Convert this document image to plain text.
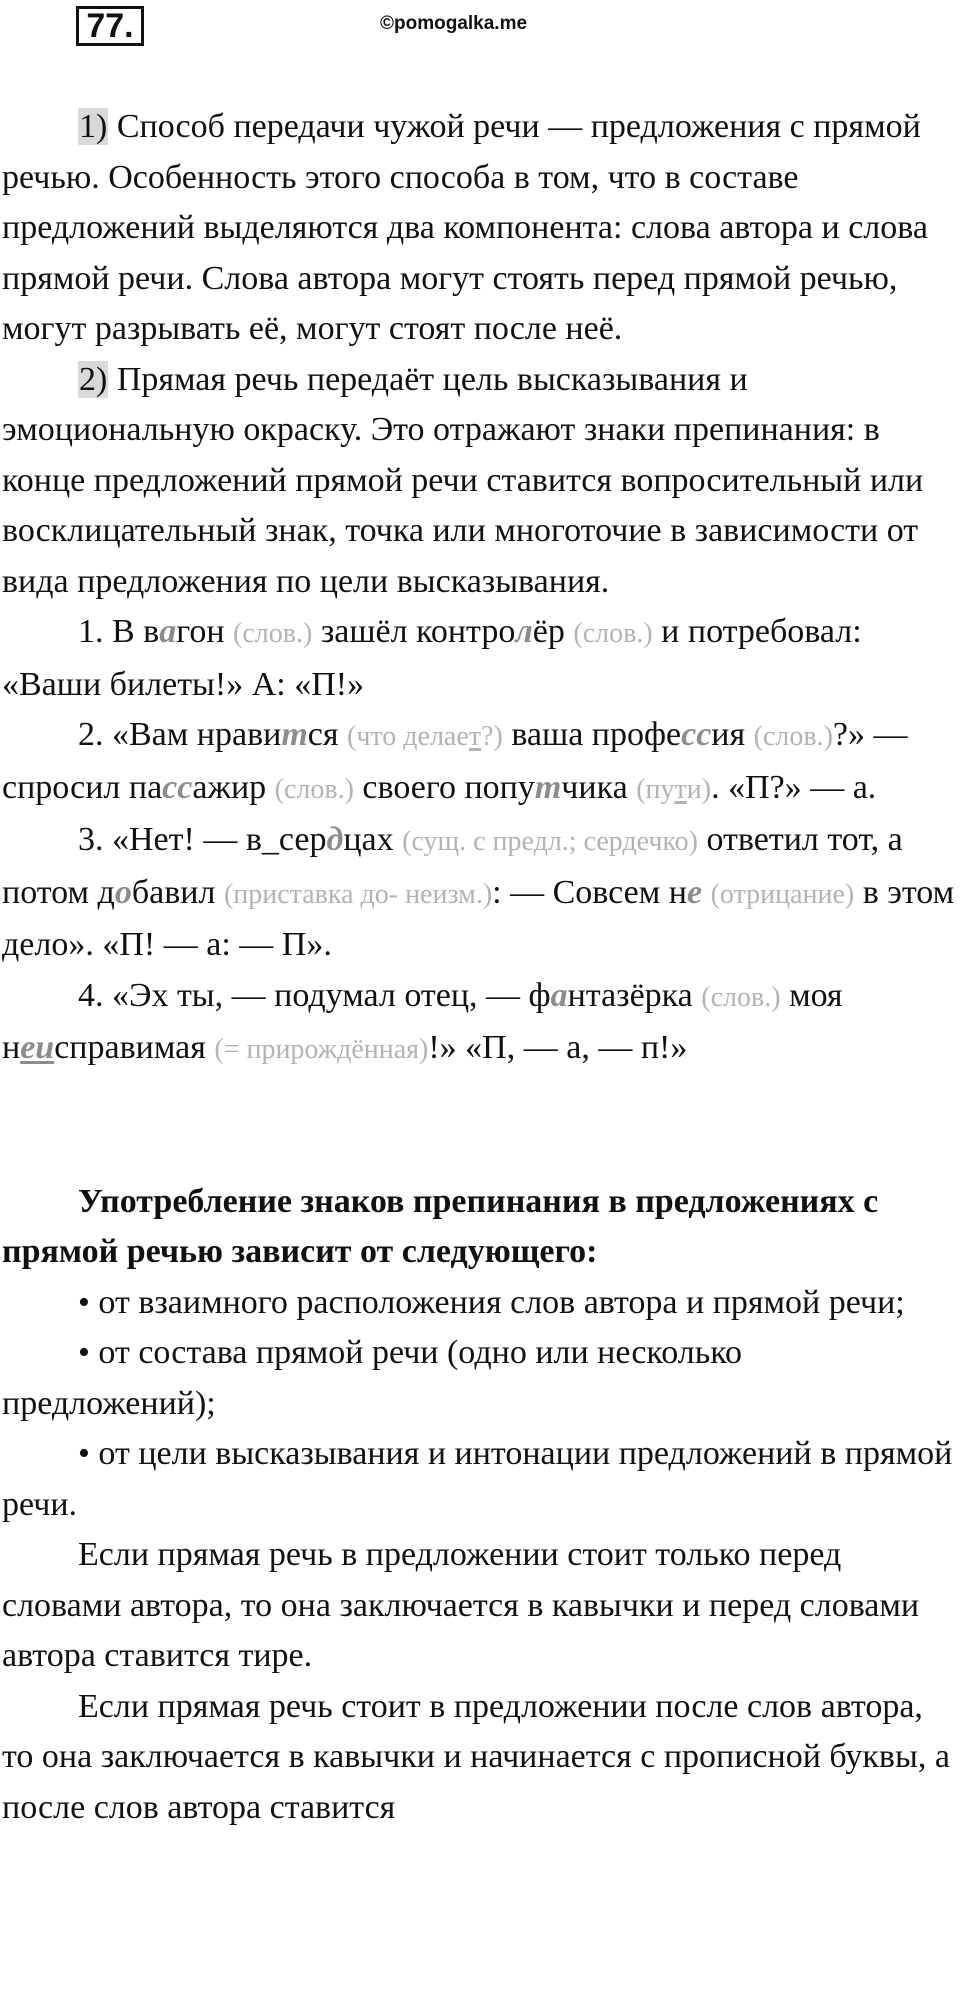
77.	©pomogalka.me

1) Способ передачи чужой речи — предложения с прямой речью. Особенность этого способа в том, что в составе предложений выделяются два компонента: слова автора и слова прямой речи. Слова автора могут стоять перед прямой речью, могут разрывать её, могут стоят после неё.

2) Прямая речь передаёт цель высказывания и эмоциональную окраску. Это отражают знаки препинания: в конце предложений прямой речи ставится вопросительный или восклицательный знак, точка или многоточие в зависимости от вида предложения по цели высказывания.

1. В вагон (слов.) зашёл контролёр (слов.) и потребовал: «Ваши билеты!» А: «П!»

2. «Вам нравится (что делает?) ваша профессия (слов.)?» — спросил пассажир (слов.) своего попутчика (пути). «П?» — а.

3. «Нет! — в_сердцах (сущ. с предл.; сердечко) ответил тот, а потом добавил (приставка до- неизм.): — Совсем не (отрицание) в этом дело». «П! — а: — П».

4. «Эх ты, — подумал отец, — фантазёрка (слов.) моя неисправимая (= прирождённая)!» «П, — а, — п!»

Употребление знаков препинания в предложениях с прямой речью зависит от следующего:

• от взаимного расположения слов автора и прямой речи;

• от состава прямой речи (одно или несколько предложений);

• от цели высказывания и интонации предложений в прямой речи.

Если прямая речь в предложении стоит только перед словами автора, то она заключается в кавычки и перед словами автора ставится тире.

Если прямая речь стоит в предложении после слов автора, то она заключается в кавычки и начинается с прописной буквы, а после слов автора ставится
